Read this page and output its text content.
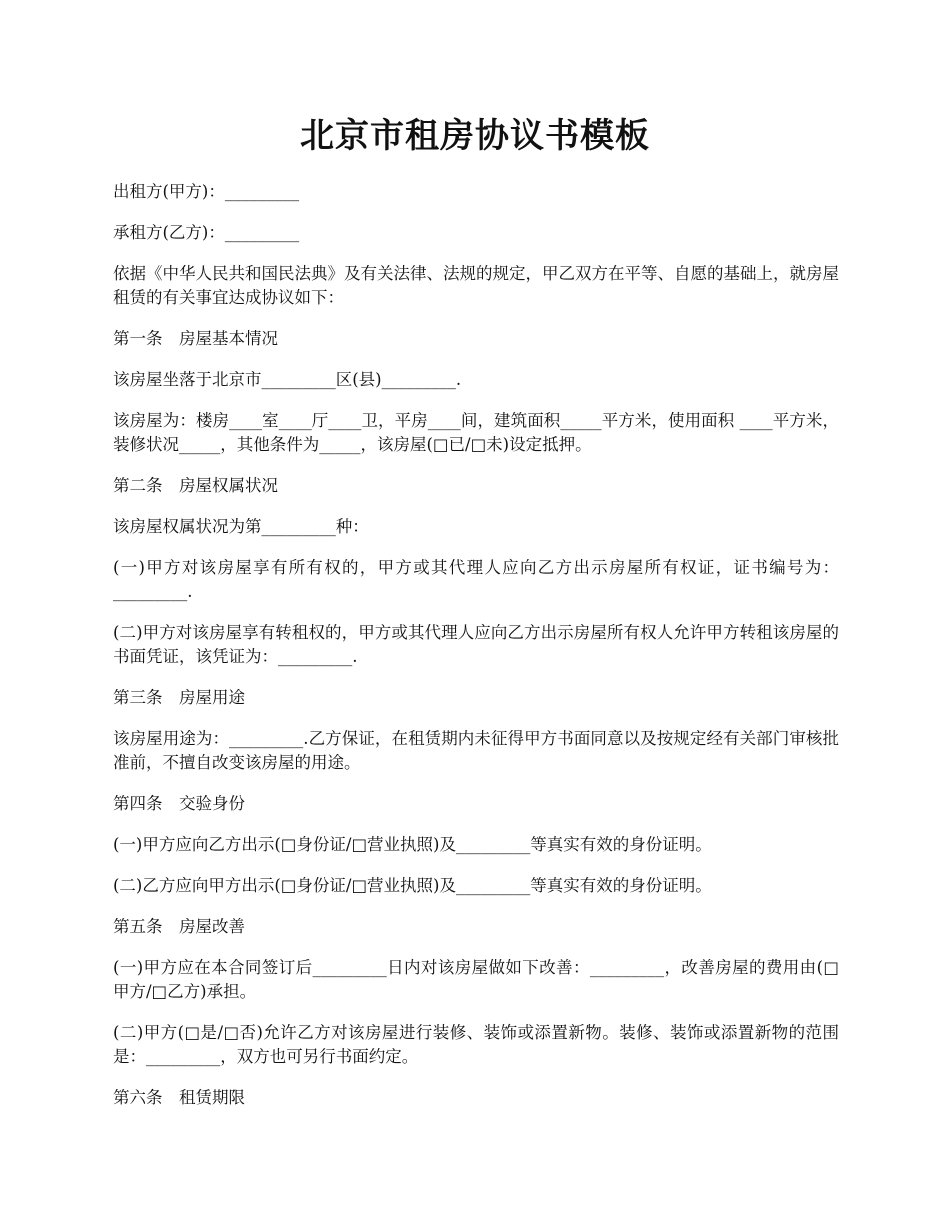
北京市租房协议书模板

出租方(甲方)：_________

承租方(乙方)：_________

依据《中华人民共和国民法典》及有关法律、法规的规定，甲乙双方在平等、自愿的基础上，就房屋租赁的有关事宜达成协议如下：

第一条　房屋基本情况

该房屋坐落于北京市_________区(县)_________.

该房屋为：楼房____室____厅____卫，平房____间，建筑面积_____平方米，使用面积 ____平方米，装修状况_____，其他条件为_____，该房屋(□已/□未)设定抵押。

第二条　房屋权属状况

该房屋权属状况为第_________种：

(一)甲方对该房屋享有所有权的，甲方或其代理人应向乙方出示房屋所有权证，证书编号为：_________.

(二)甲方对该房屋享有转租权的，甲方或其代理人应向乙方出示房屋所有权人允许甲方转租该房屋的书面凭证，该凭证为：_________.

第三条　房屋用途

该房屋用途为：_________.乙方保证，在租赁期内未征得甲方书面同意以及按规定经有关部门审核批准前，不擅自改变该房屋的用途。

第四条　交验身份

(一)甲方应向乙方出示(□身份证/□营业执照)及_________等真实有效的身份证明。

(二)乙方应向甲方出示(□身份证/□营业执照)及_________等真实有效的身份证明。

第五条　房屋改善

(一)甲方应在本合同签订后_________日内对该房屋做如下改善：_________，改善房屋的费用由(□甲方/□乙方)承担。

(二)甲方(□是/□否)允许乙方对该房屋进行装修、装饰或添置新物。装修、装饰或添置新物的范围是：_________，双方也可另行书面约定。

第六条　租赁期限
